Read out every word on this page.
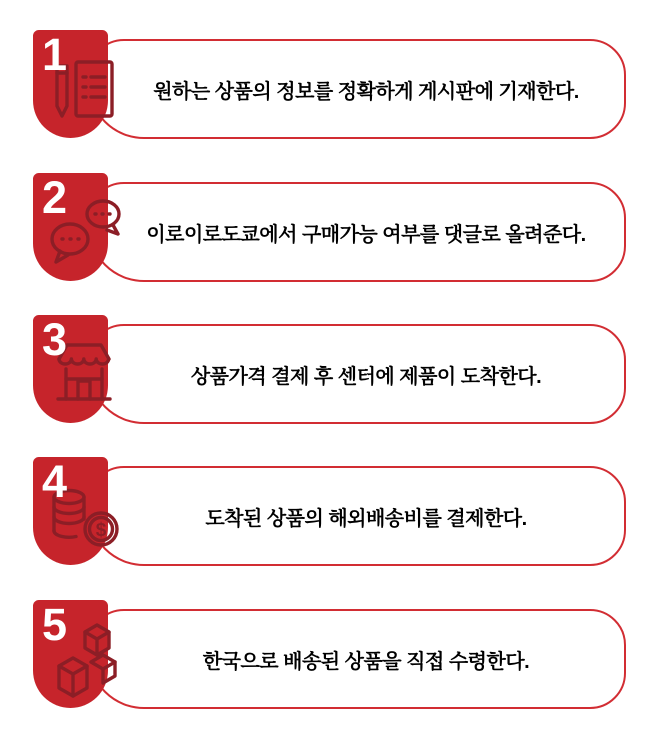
원하는 상품의 정보를 정확하게 게시판에 기재한다.
1
이로이로도쿄에서 구매가능 여부를 댓글로 올려준다.
2
상품가격 결제 후 센터에 제품이 도착한다.
3
도착된 상품의 해외배송비를 결제한다.
$
4
한국으로 배송된 상품을 직접 수령한다.
5
